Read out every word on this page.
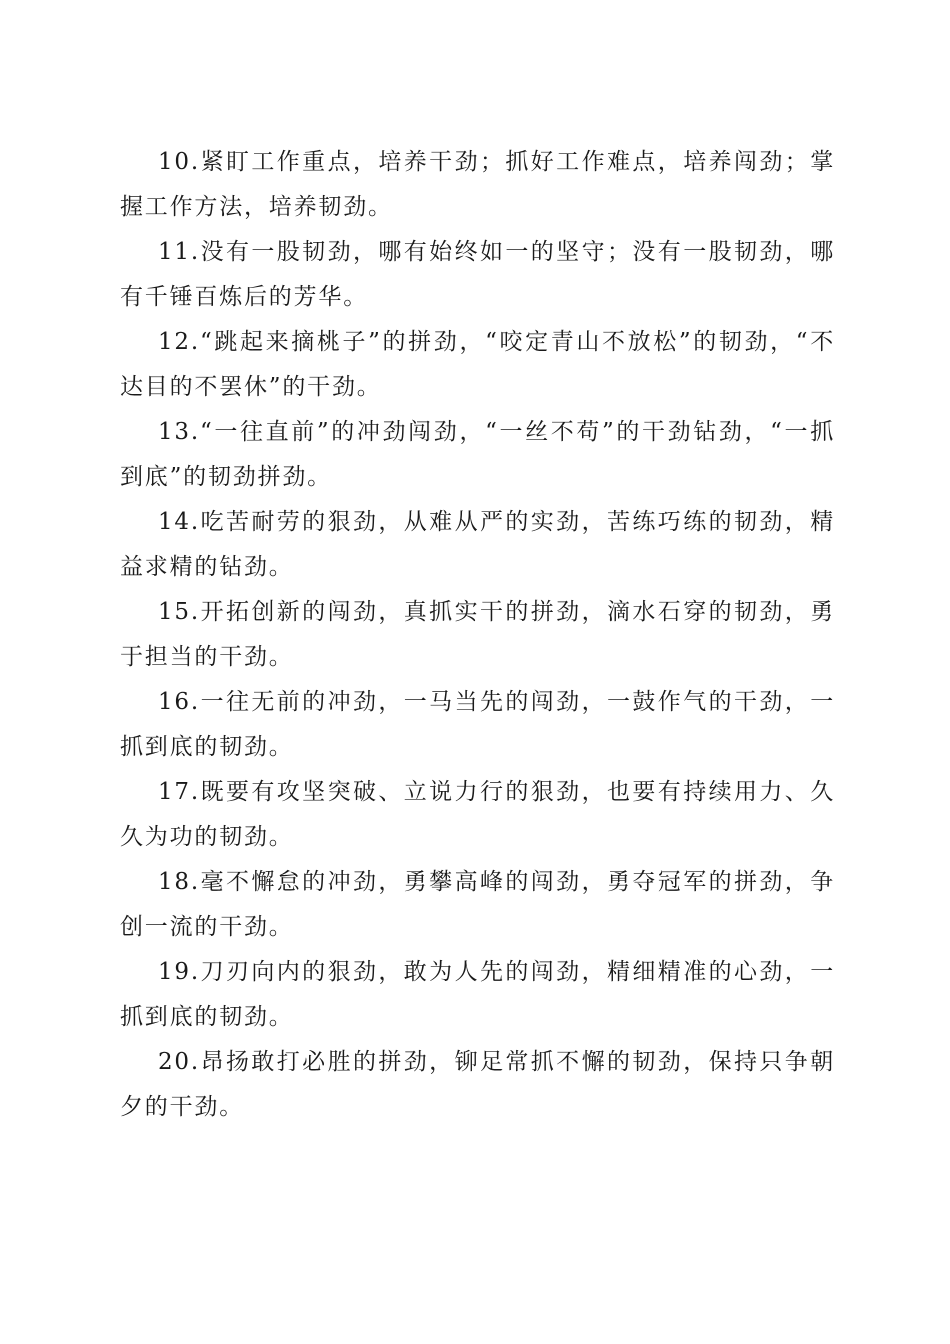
10.紧盯工作重点，培养干劲；抓好工作难点，培养闯劲；掌握工作方法，培养韧劲。

11.没有一股韧劲，哪有始终如一的坚守；没有一股韧劲，哪有千锤百炼后的芳华。

12.“跳起来摘桃子”的拼劲，“咬定青山不放松”的韧劲，“不达目的不罢休”的干劲。

13.“一往直前”的冲劲闯劲，“一丝不苟”的干劲钻劲，“一抓到底”的韧劲拼劲。

14.吃苦耐劳的狠劲，从难从严的实劲，苦练巧练的韧劲，精益求精的钻劲。

15.开拓创新的闯劲，真抓实干的拼劲，滴水石穿的韧劲，勇于担当的干劲。

16.一往无前的冲劲，一马当先的闯劲，一鼓作气的干劲，一抓到底的韧劲。

17.既要有攻坚突破、立说力行的狠劲，也要有持续用力、久久为功的韧劲。

18.毫不懈怠的冲劲，勇攀高峰的闯劲，勇夺冠军的拼劲，争创一流的干劲。

19.刀刃向内的狠劲，敢为人先的闯劲，精细精准的心劲，一抓到底的韧劲。

20.昂扬敢打必胜的拼劲，铆足常抓不懈的韧劲，保持只争朝夕的干劲。
